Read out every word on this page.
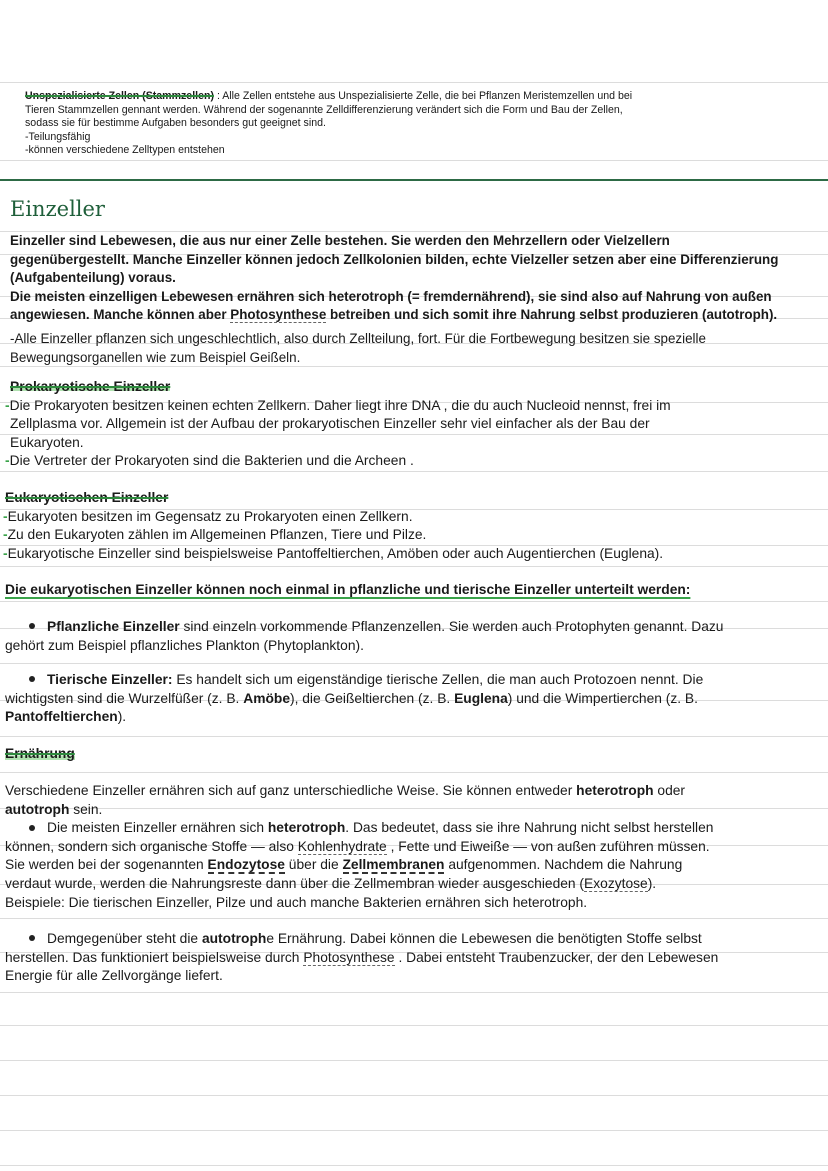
Unspezialisierte Zellen (Stammzellen) : Alle Zellen entstehe aus Unspezialisierte Zelle, die bei Pflanzen Meristemzellen und bei
Tieren Stammzellen gennant werden. Während der sogenannte Zelldifferenzierung verändert sich die Form und Bau der Zellen,
sodass sie für bestimme Aufgaben besonders gut geeignet sind.
-Teilungsfähig
-können verschiedene Zelltypen entstehen
Einzeller
Einzeller sind Lebewesen, die aus nur einer Zelle bestehen. Sie werden den Mehrzellern oder Vielzellern
gegenübergestellt. Manche Einzeller können jedoch Zellkolonien bilden, echte Vielzeller setzen aber eine Differenzierung
(Aufgabenteilung) voraus.
Die meisten einzelligen Lebewesen ernähren sich heterotroph (= fremdernährend), sie sind also auf Nahrung von außen
angewiesen. Manche können aber Photosynthese betreiben und sich somit ihre Nahrung selbst produzieren (autotroph).
-Alle Einzeller pflanzen sich ungeschlechtlich, also durch Zellteilung, fort. Für die Fortbewegung besitzen sie spezielle
Bewegungsorganellen wie zum Beispiel Geißeln.
Prokaryotische Einzeller
-Die Prokaryoten besitzen keinen echten Zellkern. Daher liegt ihre DNA , die du auch Nucleoid nennst, frei im
Zellplasma vor. Allgemein ist der Aufbau der prokaryotischen Einzeller sehr viel einfacher als der Bau der
Eukaryoten.
-Die Vertreter der Prokaryoten sind die Bakterien und die Archeen .
Eukaryotischen Einzeller
-Eukaryoten besitzen im Gegensatz zu Prokaryoten einen Zellkern.
-Zu den Eukaryoten zählen im Allgemeinen Pflanzen, Tiere und Pilze.
-Eukaryotische Einzeller sind beispielsweise Pantoffeltierchen, Amöben oder auch Augentierchen (Euglena).
Die eukaryotischen Einzeller können noch einmal in pflanzliche und tierische Einzeller unterteilt werden:
Pflanzliche Einzeller sind einzeln vorkommende Pflanzenzellen. Sie werden auch Protophyten genannt. Dazu
gehört zum Beispiel pflanzliches Plankton (Phytoplankton).
Tierische Einzeller: Es handelt sich um eigenständige tierische Zellen, die man auch Protozoen nennt. Die
wichtigsten sind die Wurzelfüßer (z. B. Amöbe), die Geißeltierchen (z. B. Euglena) und die Wimpertierchen (z. B.
Pantoffeltierchen).
Ernährung
Verschiedene Einzeller ernähren sich auf ganz unterschiedliche Weise. Sie können entweder heterotroph oder
autotroph sein.
Die meisten Einzeller ernähren sich heterotroph. Das bedeutet, dass sie ihre Nahrung nicht selbst herstellen
können, sondern sich organische Stoffe — also Kohlenhydrate , Fette und Eiweiße — von außen zuführen müssen.
Sie werden bei der sogenannten Endozytose über die Zellmembranen aufgenommen. Nachdem die Nahrung
verdaut wurde, werden die Nahrungsreste dann über die Zellmembran wieder ausgeschieden (Exozytose).
Beispiele: Die tierischen Einzeller, Pilze und auch manche Bakterien ernähren sich heterotroph.
Demgegenüber steht die autotrophe Ernährung. Dabei können die Lebewesen die benötigten Stoffe selbst
herstellen. Das funktioniert beispielsweise durch Photosynthese . Dabei entsteht Traubenzucker, der den Lebewesen
Energie für alle Zellvorgänge liefert.
